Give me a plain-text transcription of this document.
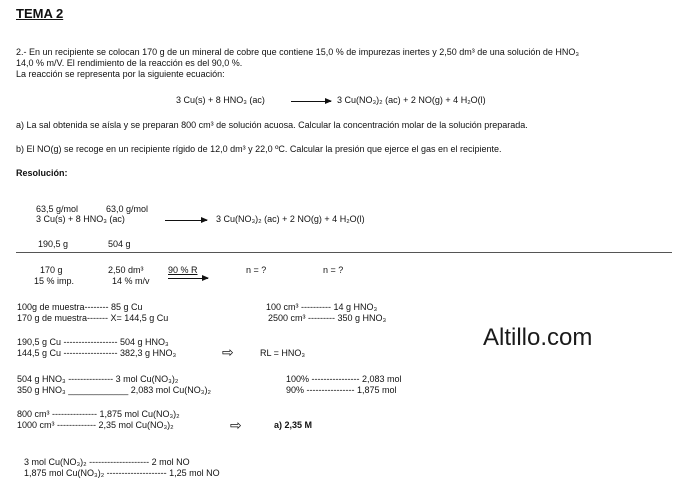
TEMA 2
2.- En un recipiente se colocan 170 g de un mineral de cobre que contiene 15,0 % de impurezas inertes y 2,50 dm³ de una solución de HNO₃
14,0 % m/V. El rendimiento de la reacción es del 90,0 %.
La reacción se representa por la siguiente ecuación:
3 Cu(s) + 8 HNO₃ (ac) → 3 Cu(NO₃)₂ (ac) + 2 NO(g) + 4 H₂O(l)
a) La sal obtenida se aísla y se preparan 800 cm³ de solución acuosa. Calcular la concentración molar de la solución preparada.
b) El NO(g) se recoge en un recipiente rígido de 12,0 dm³ y 22,0 ºC. Calcular la presión que ejerce el gas en el recipiente.
Resolución:
63,5 g/mol	63,0 g/mol
3 Cu(s) + 8 HNO₃ (ac)	3 Cu(NO₃)₂ (ac) + 2 NO(g) + 4 H₂O(l)
190,5 g	504 g
170 g
15 % imp.
2,50 dm³
14 % m/v
90 % R	n = ?	n = ?
100g de muestra-------- 85 g Cu
170 g de muestra------- X= 144,5 g Cu
100 cm³ ---------- 14 g HNO₃
2500 cm³ --------- 350 g HNO₃
Altillo.com
190,5 g Cu ------------------ 504 g HNO₃
144,5 g Cu ------------------ 382,3 g HNO₃	⇨	RL = HNO₃
504 g HNO₃ --------------- 3 mol Cu(NO₃)₂
350 g HNO₃ ____________ 2,083 mol Cu(NO₃)₂
100% ---------------- 2,083 mol
90% ---------------- 1,875 mol
800 cm³ --------------- 1,875 mol Cu(NO₃)₂
1000 cm³ ------------- 2,35 mol Cu(NO₃)₂	⇨	a) 2,35 M
3 mol Cu(NO₃)₂ -------------------- 2 mol NO
1,875 mol Cu(NO₃)₂ -------------------- 1,25 mol NO
